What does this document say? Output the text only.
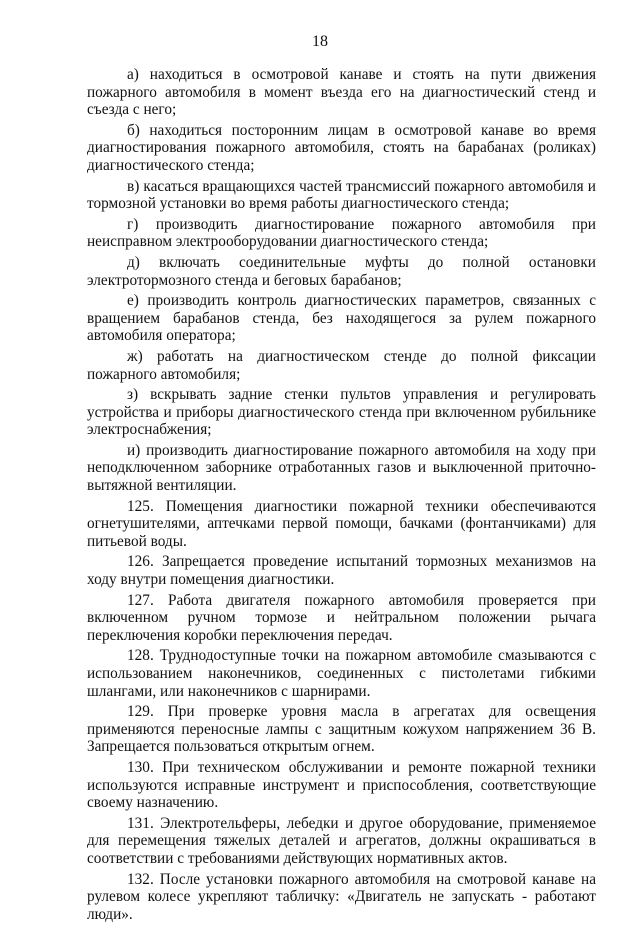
18

а) находиться в осмотровой канаве и стоять на пути движения пожарного автомобиля в момент въезда его на диагностический стенд и съезда с него;

б) находиться посторонним лицам в осмотровой канаве во время диагностирования пожарного автомобиля, стоять на барабанах (роликах) диагностического стенда;

в) касаться вращающихся частей трансмиссий пожарного автомобиля и тормозной установки во время работы диагностического стенда;

г) производить диагностирование пожарного автомобиля при неисправном электрооборудовании диагностического стенда;

д) включать соединительные муфты до полной остановки электротормозного стенда и беговых барабанов;

е) производить контроль диагностических параметров, связанных с вращением барабанов стенда, без находящегося за рулем пожарного автомобиля оператора;

ж) работать на диагностическом стенде до полной фиксации пожарного автомобиля;

з) вскрывать задние стенки пультов управления и регулировать устройства и приборы диагностического стенда при включенном рубильнике электроснабжения;

и) производить диагностирование пожарного автомобиля на ходу при неподключенном заборнике отработанных газов и выключенной приточно-вытяжной вентиляции.

125. Помещения диагностики пожарной техники обеспечиваются огнетушителями, аптечками первой помощи, бачками (фонтанчиками) для питьевой воды.

126. Запрещается проведение испытаний тормозных механизмов на ходу внутри помещения диагностики.

127. Работа двигателя пожарного автомобиля проверяется при включенном ручном тормозе и нейтральном положении рычага переключения коробки переключения передач.

128. Труднодоступные точки на пожарном автомобиле смазываются с использованием наконечников, соединенных с пистолетами гибкими шлангами, или наконечников с шарнирами.

129. При проверке уровня масла в агрегатах для освещения применяются переносные лампы с защитным кожухом напряжением 36 В. Запрещается пользоваться открытым огнем.

130. При техническом обслуживании и ремонте пожарной техники используются исправные инструмент и приспособления, соответствующие своему назначению.

131. Электротельферы, лебедки и другое оборудование, применяемое для перемещения тяжелых деталей и агрегатов, должны окрашиваться в соответствии с требованиями действующих нормативных актов.

132. После установки пожарного автомобиля на смотровой канаве на рулевом колесе укрепляют табличку: «Двигатель не запускать - работают люди».
